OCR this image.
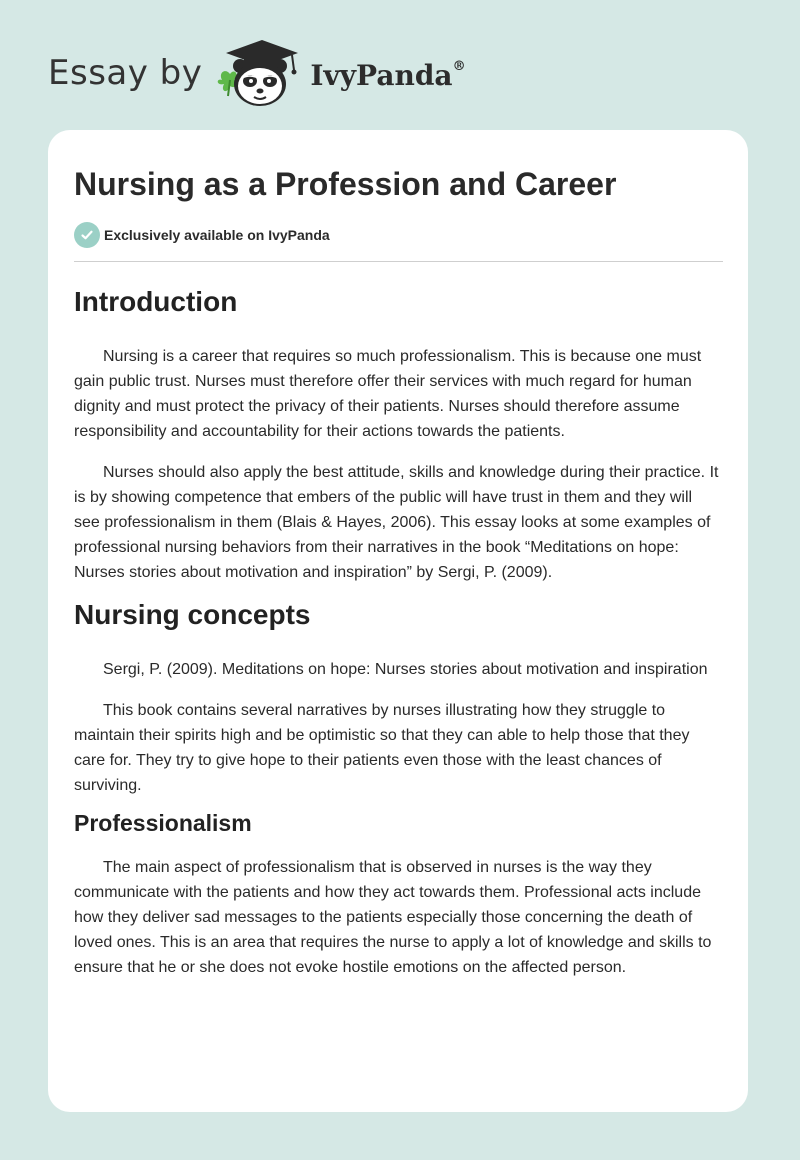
Essay by	IvyPanda®
Nursing as a Profession and Career
Exclusively available on IvyPanda
Introduction

Nursing is a career that requires so much professionalism. This is because one must gain public trust. Nurses must therefore offer their services with much regard for human dignity and must protect the privacy of their patients. Nurses should therefore assume responsibility and accountability for their actions towards the patients.

Nurses should also apply the best attitude, skills and knowledge during their practice. It is by showing competence that embers of the public will have trust in them and they will see professionalism in them (Blais & Hayes, 2006). This essay looks at some examples of professional nursing behaviors from their narratives in the book “Meditations on hope: Nurses stories about motivation and inspiration” by Sergi, P. (2009).

Nursing concepts

Sergi, P. (2009). Meditations on hope: Nurses stories about motivation and inspiration

This book contains several narratives by nurses illustrating how they struggle to maintain their spirits high and be optimistic so that they can able to help those that they care for. They try to give hope to their patients even those with the least chances of surviving.

Professionalism

The main aspect of professionalism that is observed in nurses is the way they communicate with the patients and how they act towards them. Professional acts include how they deliver sad messages to the patients especially those concerning the death of loved ones. This is an area that requires the nurse to apply a lot of knowledge and skills to ensure that he or she does not evoke hostile emotions on the affected person.
